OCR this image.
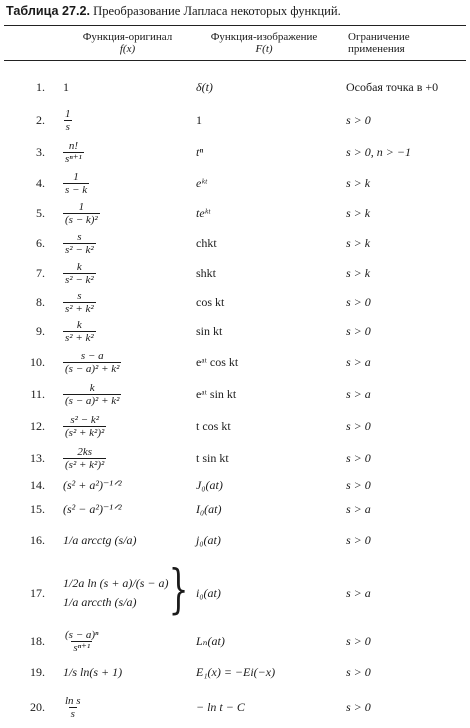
Таблица 27.2. Преобразование Лапласа некоторых функций.
Функция-оригинал
f(x)
Функция-изображение
F(t)
Ограничение
применения
1. 1	δ(t)	Особая точка в +0
2. $\frac{1}{s}$	1	s > 0
3. $\frac{n!}{\text{sⁿ⁺¹}}$	tⁿ	s > 0, n > −1
4. $\frac{1}{s - k}$	eᵏᵗ	s > k
5. $\frac{1}{\text{(s − k)²}}$	teᵏᵗ	s > k
6. $\frac{s}{\text{s² − k²}}$	chkt	s > k
7. $\frac{k}{\text{s² − k²}}$	shkt	s > k
8. $\frac{s}{\text{s² + k²}}$	cos kt	s > 0
9. $\frac{k}{\text{s² + k²}}$	sin kt	s > 0
10. $\frac{s - a}{\text{(s − a)² + k²}}$	eᵃᵗ cos kt	s > a
11. $\frac{k}{\text{(s − a)² + k²}}$	eᵃᵗ sin kt	s > a
12. $\frac{\text{s² − k²}}{\text{(s² + k²)²}}$	t cos kt	s > 0
13. $\frac{2ks}{\text{(s² + k²)²}}$	t sin kt	s > 0
14. (s² + a²)⁻¹ᐟ²	J₀(at)	s > 0
15. (s² − a²)⁻¹ᐟ²	I₀(at)	s > a
16. 1/a arcctg (s/a)	j₀(at)	s > 0
17.
1/2a ln (s + a)/(s − a)
1/a arccth (s/a) } i₀(at)	s > a
18. $\frac{\text{(s − a)ⁿ}}{\text{sⁿ⁺¹}}$	Lₙ(at)	s > 0
19. 1/s ln(s + 1)	E₁(x) = −Ei(−x)	s > 0
20. $\frac{\text{ln s}}{s}$	− ln t − C	s > 0
